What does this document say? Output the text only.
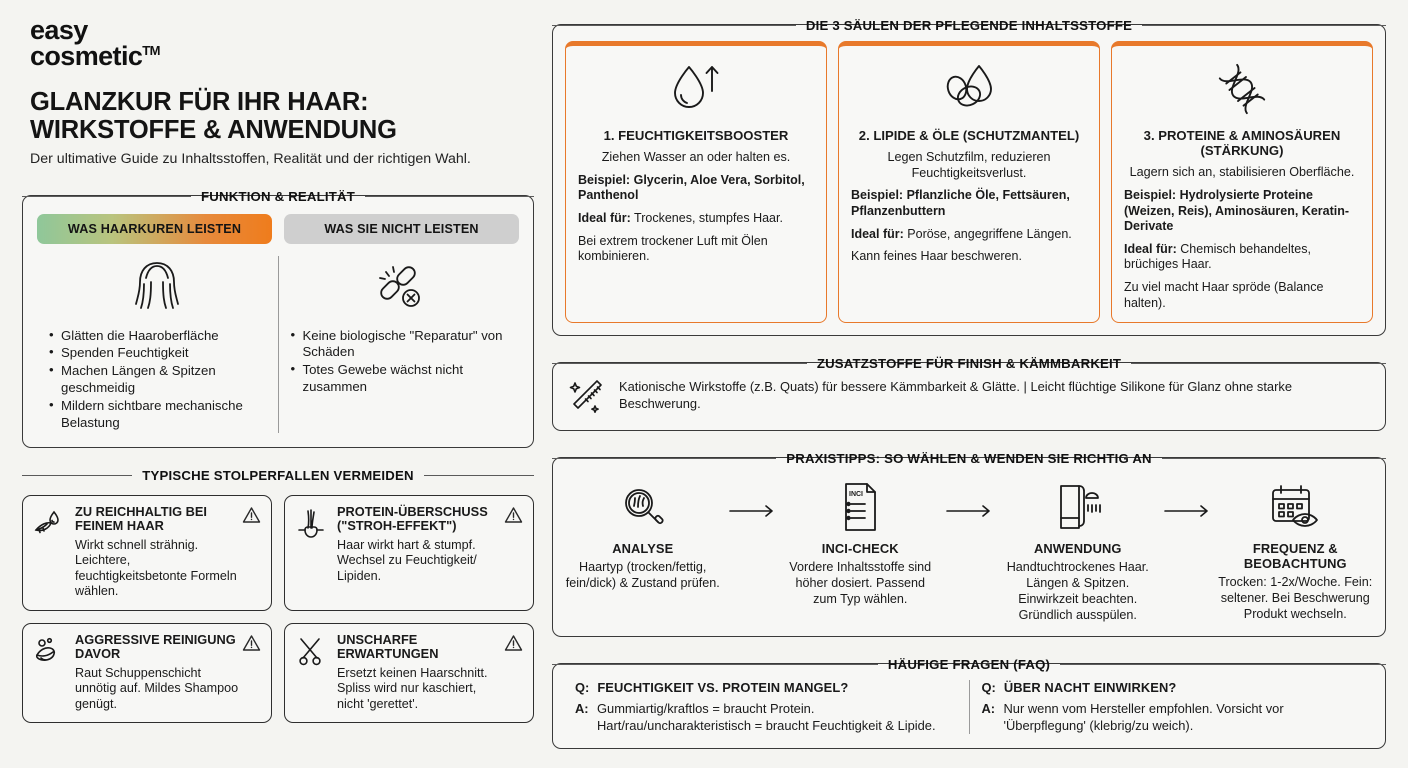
easy
cosmetic™
GLANZKUR FÜR IHR HAAR:
WIRKSTOFFE & ANWENDUNG
Der ultimative Guide zu Inhaltsstoffen, Realität und der richtigen Wahl.
FUNKTION & REALITÄT
WAS HAARKUREN LEISTEN	WAS SIE NICHT LEISTEN
• Glätten die Haaroberfläche
• Spenden Feuchtigkeit
• Machen Längen & Spitzen geschmeidig
• Mildern sichtbare mechanische Belastung
• Keine biologische "Reparatur" von Schäden
• Totes Gewebe wächst nicht zusammen
TYPISCHE STOLPERFALLEN VERMEIDEN
ZU REICHHALTIG BEI FEINEM HAAR
Wirkt schnell strähnig. Leichtere, feuchtigkeitsbetonte Formeln wählen.
PROTEIN-ÜBERSCHUSS ("STROH-EFFEKT")
Haar wirkt hart & stumpf. Wechsel zu Feuchtigkeit/ Lipiden.
AGGRESSIVE REINIGUNG DAVOR
Raut Schuppenschicht unnötig auf. Mildes Shampoo genügt.
UNSCHARFE ERWARTUNGEN
Ersetzt keinen Haarschnitt. Spliss wird nur kaschiert, nicht 'gerettet'.
DIE 3 SÄULEN DER PFLEGENDE INHALTSSTOFFE
1. FEUCHTIGKEITSBOOSTER
Ziehen Wasser an oder halten es.
Beispiel: Glycerin, Aloe Vera, Sorbitol, Panthenol
Ideal für: Trockenes, stumpfes Haar.
Bei extrem trockener Luft mit Ölen kombinieren.
2. LIPIDE & ÖLE (SCHUTZMANTEL)
Legen Schutzfilm, reduzieren Feuchtigkeitsverlust.
Beispiel: Pflanzliche Öle, Fettsäuren, Pflanzenbuttern
Ideal für: Poröse, angegriffene Längen.
Kann feines Haar beschweren.
3. PROTEINE & AMINOSÄUREN (STÄRKUNG)
Lagern sich an, stabilisieren Oberfläche.
Beispiel: Hydrolysierte Proteine (Weizen, Reis), Aminosäuren, Keratin-Derivate
Ideal für: Chemisch behandeltes, brüchiges Haar.
Zu viel macht Haar spröde (Balance halten).
ZUSATZSTOFFE FÜR FINISH & KÄMMBARKEIT
Kationische Wirkstoffe (z.B. Quats) für bessere Kämmbarkeit & Glätte. | Leicht flüchtige Silikone für Glanz ohne starke Beschwerung.
PRAXISTIPPS: SO WÄHLEN & WENDEN SIE RICHTIG AN
ANALYSE
Haartyp (trocken/fettig, fein/dick) & Zustand prüfen.
INCI
INCI-CHECK
Vordere Inhaltsstoffe sind höher dosiert. Passend zum Typ wählen.
ANWENDUNG
Handtuchtrockenes Haar. Längen & Spitzen. Einwirkzeit beachten. Gründlich ausspülen.
FREQUENZ & BEOBACHTUNG
Trocken: 1-2x/Woche. Fein: seltener. Bei Beschwerung Produkt wechseln.
HÄUFIGE FRAGEN (FAQ)
Q: FEUCHTIGKEIT VS. PROTEIN MANGEL?
A: Gummiartig/kraftlos = braucht Protein. Hart/rau/uncharakteristisch = braucht Feuchtigkeit & Lipide.
Q: ÜBER NACHT EINWIRKEN?
A: Nur wenn vom Hersteller empfohlen. Vorsicht vor 'Überpflegung' (klebrig/zu weich).
